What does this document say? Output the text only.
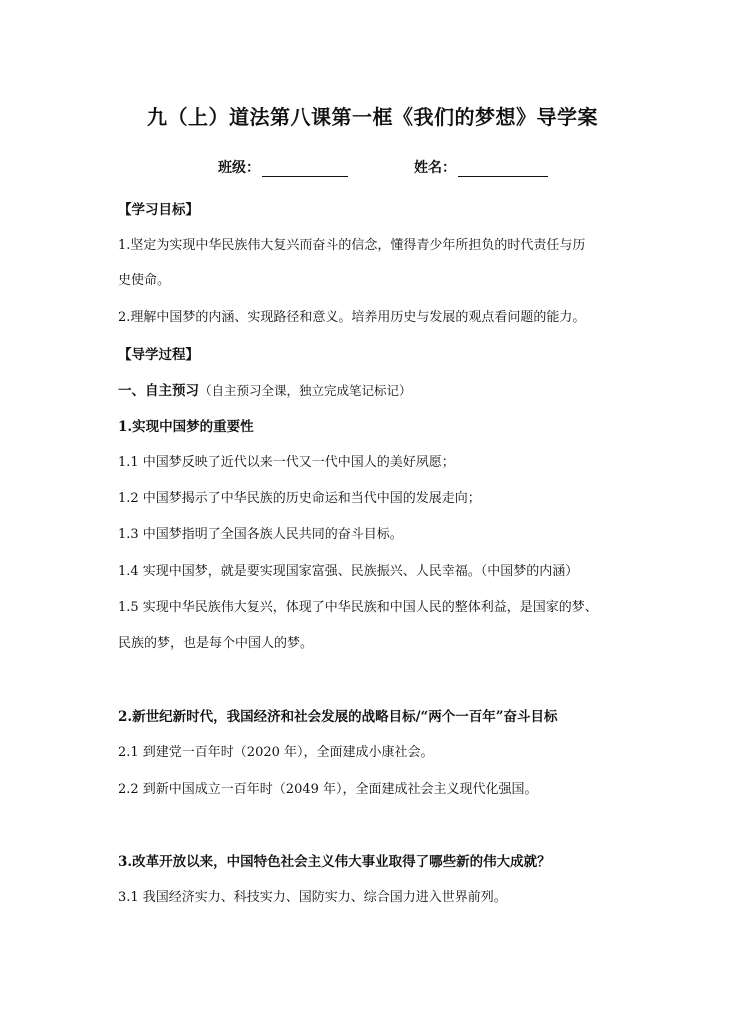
九（上）道法第八课第一框《我们的梦想》导学案
班级：	姓名：
【学习目标】
1.坚定为实现中华民族伟大复兴而奋斗的信念，懂得青少年所担负的时代责任与历
史使命。
2.理解中国梦的内涵、实现路径和意义。培养用历史与发展的观点看问题的能力。
【导学过程】
一、自主预习（自主预习全课，独立完成笔记标记）
1.实现中国梦的重要性
1.1 中国梦反映了近代以来一代又一代中国人的美好夙愿；
1.2 中国梦揭示了中华民族的历史命运和当代中国的发展走向；
1.3 中国梦指明了全国各族人民共同的奋斗目标。
1.4 实现中国梦，就是要实现国家富强、民族振兴、人民幸福。（中国梦的内涵）
1.5 实现中华民族伟大复兴，体现了中华民族和中国人民的整体利益，是国家的梦、
民族的梦，也是每个中国人的梦。
2.新世纪新时代，我国经济和社会发展的战略目标/“两个一百年”奋斗目标
2.1 到建党一百年时（2020 年），全面建成小康社会。
2.2 到新中国成立一百年时（2049 年），全面建成社会主义现代化强国。
3.改革开放以来，中国特色社会主义伟大事业取得了哪些新的伟大成就？
3.1 我国经济实力、科技实力、国防实力、综合国力进入世界前列。
